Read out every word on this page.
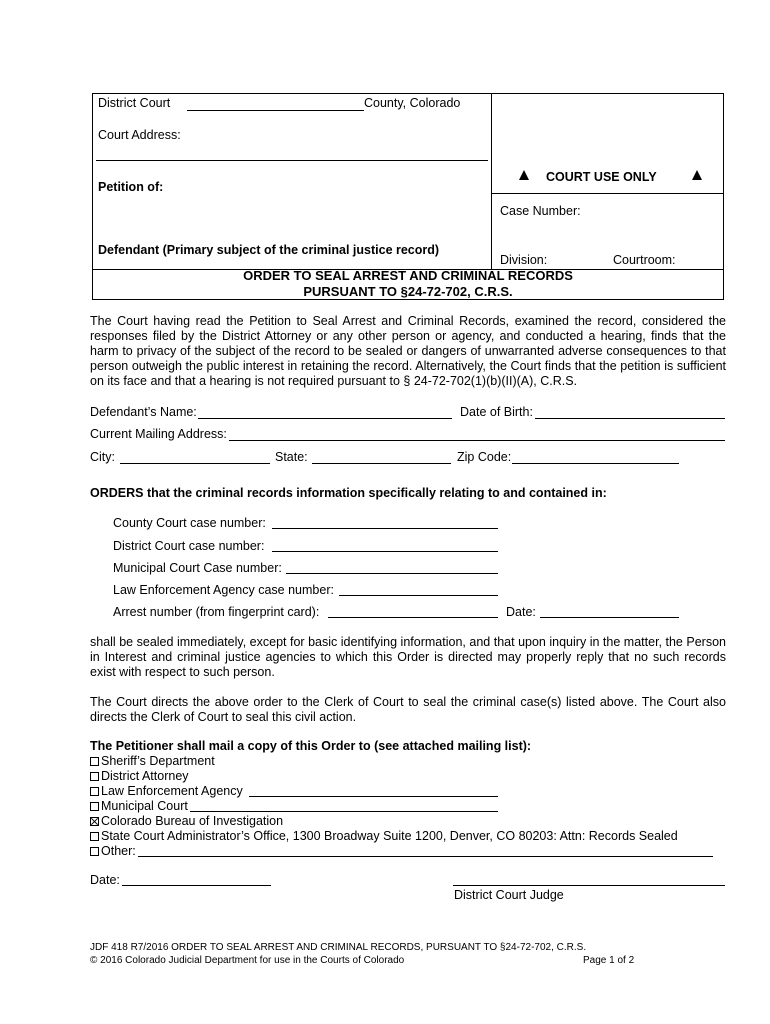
District Court	County, Colorado
Court Address:
Petition of:
Defendant (Primary subject of the criminal justice record)
COURT USE ONLY
Case Number:
Division:	Courtroom:
ORDER TO SEAL ARREST AND CRIMINAL RECORDS
PURSUANT TO §24-72-702, C.R.S.
The Court having read the Petition to Seal Arrest and Criminal Records, examined the record, considered the responses filed by the District Attorney or any other person or agency, and conducted a hearing, finds that the harm to privacy of the subject of the record to be sealed or dangers of unwarranted adverse consequences to that person outweigh the public interest in retaining the record. Alternatively, the Court finds that the petition is sufficient on its face and that a hearing is not required pursuant to § 24-72-702(1)(b)(II)(A), C.R.S.
Defendant’s Name:	Date of Birth:
Current Mailing Address:
City:	State:	Zip Code:
ORDERS that the criminal records information specifically relating to and contained in:
County Court case number:
District Court case number:
Municipal Court Case number:
Law Enforcement Agency case number:
Arrest number (from fingerprint card):	Date:
shall be sealed immediately, except for basic identifying information, and that upon inquiry in the matter, the Person in Interest and criminal justice agencies to which this Order is directed may properly reply that no such records exist with respect to such person.
The Court directs the above order to the Clerk of Court to seal the criminal case(s) listed above. The Court also directs the Clerk of Court to seal this civil action.
The Petitioner shall mail a copy of this Order to (see attached mailing list):
Sheriff’s Department
District Attorney
Law Enforcement Agency
Municipal Court
Colorado Bureau of Investigation
State Court Administrator’s Office, 1300 Broadway Suite 1200, Denver, CO 80203: Attn: Records Sealed
Other:
Date:
District Court Judge
JDF 418 R7/2016 ORDER TO SEAL ARREST AND CRIMINAL RECORDS, PURSUANT TO §24-72-702, C.R.S.
© 2016 Colorado Judicial Department for use in the Courts of Colorado	Page 1 of 2
